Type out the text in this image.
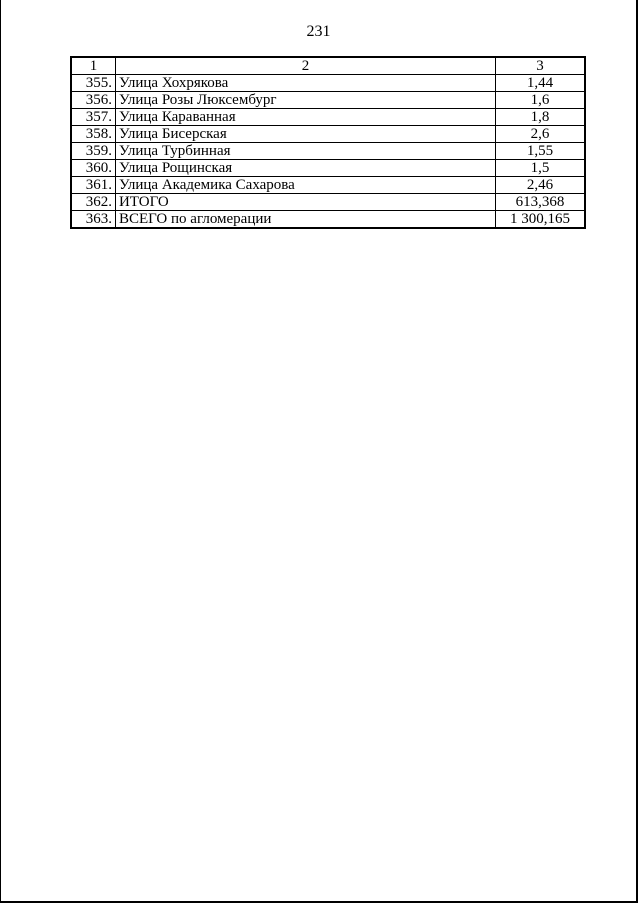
231
1	2	3
355.	Улица Хохрякова	1,44
356.	Улица Розы Люксембург	1,6
357.	Улица Караванная	1,8
358.	Улица Бисерская	2,6
359.	Улица Турбинная	1,55
360.	Улица Рощинская	1,5
361.	Улица Академика Сахарова	2,46
362.	ИТОГО	613,368
363.	ВСЕГО по агломерации	1 300,165
